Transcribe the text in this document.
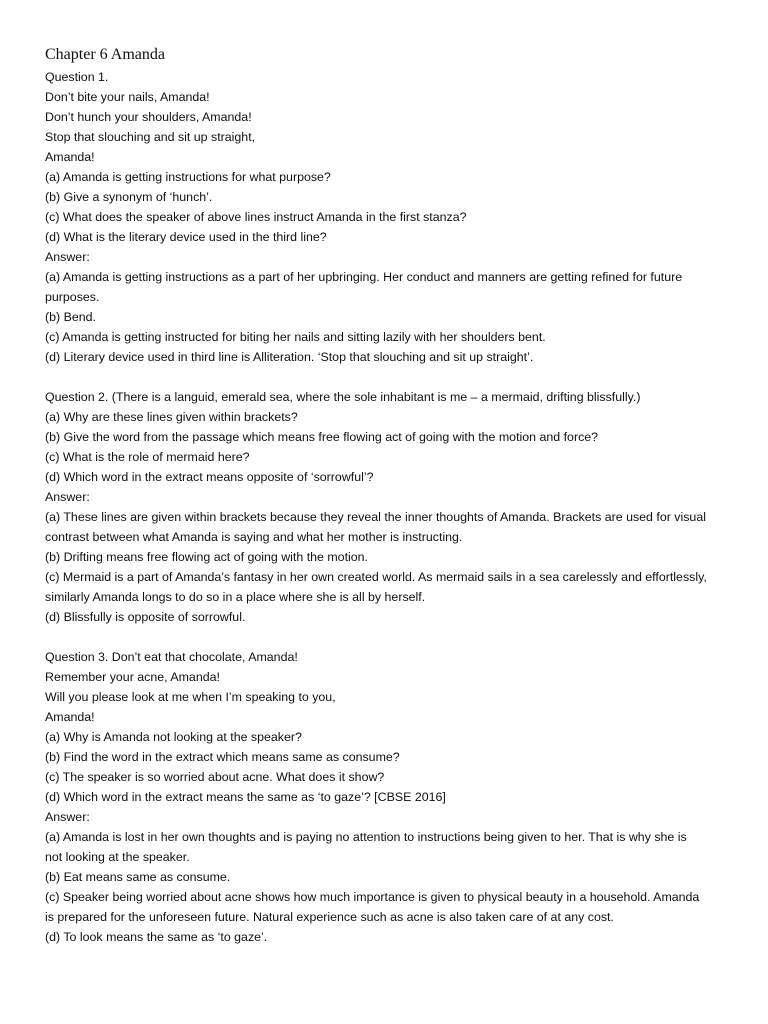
Chapter 6 Amanda
Question 1.
Don’t bite your nails, Amanda!
Don’t hunch your shoulders, Amanda!
Stop that slouching and sit up straight,
Amanda!
(a) Amanda is getting instructions for what purpose?
(b) Give a synonym of ‘hunch’.
(c) What does the speaker of above lines instruct Amanda in the first stanza?
(d) What is the literary device used in the third line?
Answer:
(a) Amanda is getting instructions as a part of her upbringing. Her conduct and manners are getting refined for future
purposes.
(b) Bend.
(c) Amanda is getting instructed for biting her nails and sitting lazily with her shoulders bent.
(d) Literary device used in third line is Alliteration. ‘Stop that slouching and sit up straight’.
Question 2. (There is a languid, emerald sea, where the sole inhabitant is me – a mermaid, drifting blissfully.)
(a) Why are these lines given within brackets?
(b) Give the word from the passage which means free flowing act of going with the motion and force?
(c) What is the role of mermaid here?
(d) Which word in the extract means opposite of ‘sorrowful’?
Answer:
(a) These lines are given within brackets because they reveal the inner thoughts of Amanda. Brackets are used for visual
contrast between what Amanda is saying and what her mother is instructing.
(b) Drifting means free flowing act of going with the motion.
(c) Mermaid is a part of Amanda’s fantasy in her own created world. As mermaid sails in a sea carelessly and effortlessly,
similarly Amanda longs to do so in a place where she is all by herself.
(d) Blissfully is opposite of sorrowful.
Question 3. Don’t eat that chocolate, Amanda!
Remember your acne, Amanda!
Will you please look at me when I’m speaking to you,
Amanda!
(a) Why is Amanda not looking at the speaker?
(b) Find the word in the extract which means same as consume?
(c) The speaker is so worried about acne. What does it show?
(d) Which word in the extract means the same as ‘to gaze’? [CBSE 2016]
Answer:
(a) Amanda is lost in her own thoughts and is paying no attention to instructions being given to her. That is why she is
not looking at the speaker.
(b) Eat means same as consume.
(c) Speaker being worried about acne shows how much importance is given to physical beauty in a household. Amanda
is prepared for the unforeseen future. Natural experience such as acne is also taken care of at any cost.
(d) To look means the same as ‘to gaze’.
